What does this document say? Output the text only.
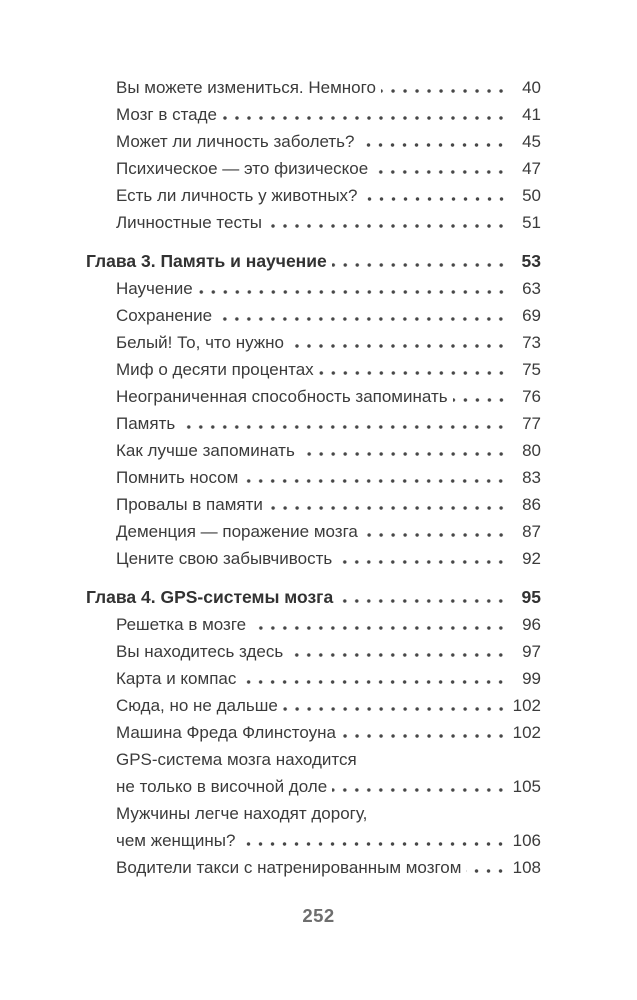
Вы можете измениться. Немного	40
Мозг в стаде	41
Может ли личность заболеть?	45
Психическое — это физическое	47
Есть ли личность у животных?	50
Личностные тесты	51
Глава 3. Память и научение	53
Научение	63
Сохранение	69
Белый! То, что нужно	73
Миф о десяти процентах	75
Неограниченная способность запоминать	76
Память	77
Как лучше запоминать	80
Помнить носом	83
Провалы в памяти	86
Деменция — поражение мозга	87
Цените свою забывчивость	92
Глава 4. GPS-системы мозга	95
Решетка в мозге	96
Вы находитесь здесь	97
Карта и компас	99
Сюда, но не дальше	102
Машина Фреда Флинстоуна	102
GPS-система мозга находится
не только в височной доле	105
Мужчины легче находят дорогу,
чем женщины?	106
Водители такси с натренированным мозгом	108
252
